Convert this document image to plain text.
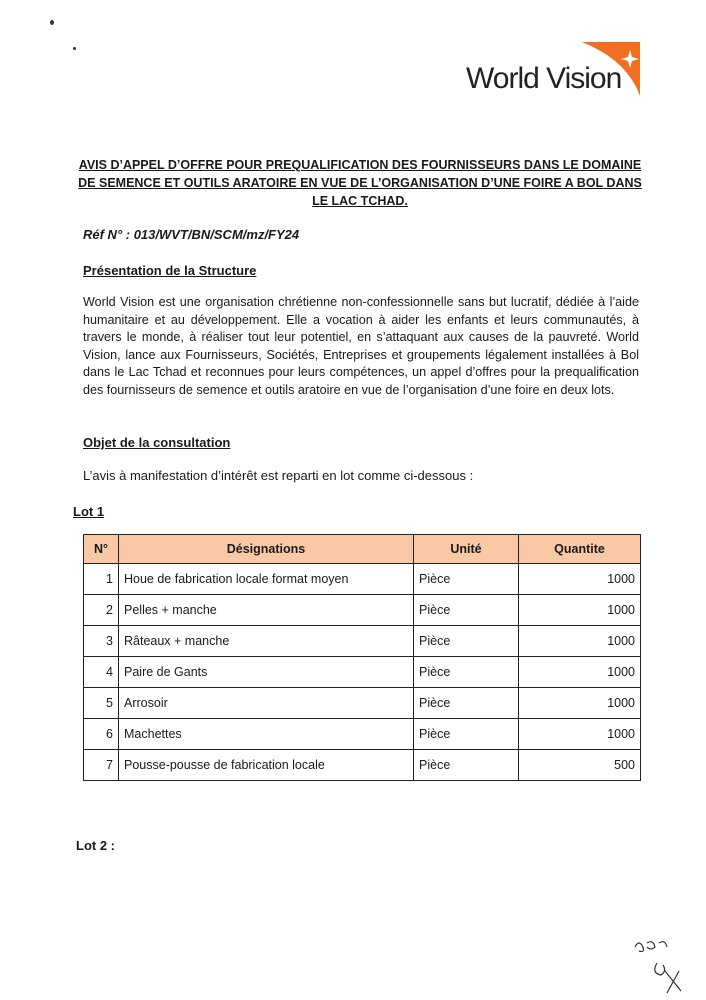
World Vision
AVIS D’APPEL D’OFFRE POUR PREQUALIFICATION DES FOURNISSEURS DANS LE DOMAINE DE SEMENCE ET OUTILS ARATOIRE EN VUE DE L’ORGANISATION D’UNE FOIRE A BOL DANS LE LAC TCHAD.
Réf N° : 013/WVT/BN/SCM/mz/FY24
Présentation de la Structure
World Vision est une organisation chrétienne non-confessionnelle sans but lucratif, dédiée à l’aide humanitaire et au développement. Elle a vocation à aider les enfants et leurs communautés, à travers le monde, à réaliser tout leur potentiel, en s’attaquant aux causes de la pauvreté. World Vision, lance aux Fournisseurs, Sociétés, Entreprises et groupements légalement installées à Bol dans le Lac Tchad et reconnues pour leurs compétences, un appel d’offres pour la prequalification des fournisseurs de semence et outils aratoire en vue de l’organisation d’une foire en deux lots.
Objet de la consultation
L’avis à manifestation d’intérêt est reparti en lot comme ci-dessous :
Lot 1
N°	Désignations	Unité	Quantite
1	Houe de fabrication locale format moyen	Pièce	1000
2	Pelles + manche	Pièce	1000
3	Râteaux + manche	Pièce	1000
4	Paire de Gants	Pièce	1000
5	Arrosoir	Pièce	1000
6	Machettes	Pièce	1000
7	Pousse-pousse de fabrication locale	Pièce	500
Lot 2 :
